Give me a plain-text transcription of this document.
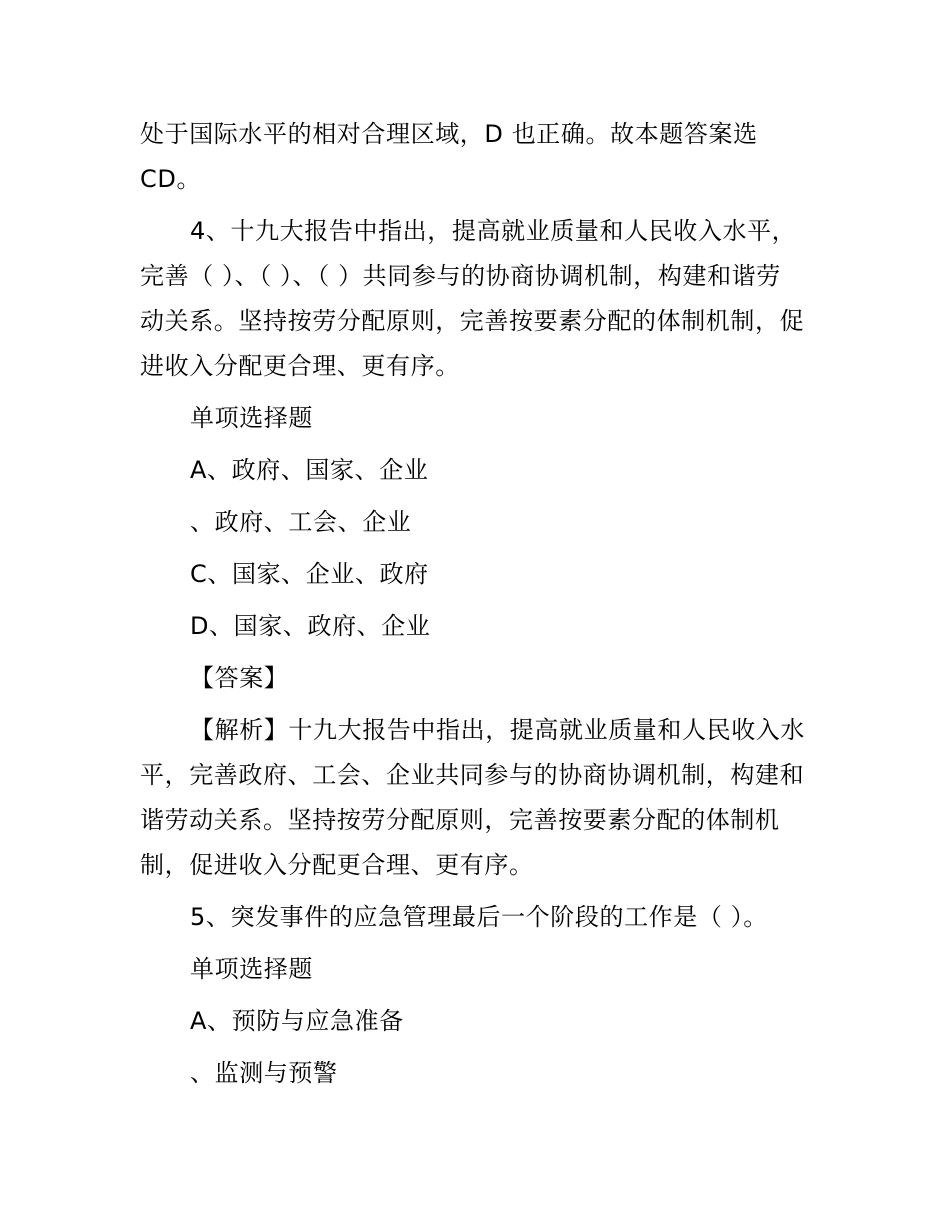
处于国际水平的相对合理区域，D 也正确。故本题答案选
CD。

4、十九大报告中指出，提高就业质量和人民收入水平，
完善（ ）、（ ）、（ ）共同参与的协商协调机制，构建和谐劳
动关系。坚持按劳分配原则，完善按要素分配的体制机制，促
进收入分配更合理、更有序。

单项选择题

A、政府、国家、企业

、政府、工会、企业

C、国家、企业、政府

D、国家、政府、企业

【答案】

【解析】十九大报告中指出，提高就业质量和人民收入水
平，完善政府、工会、企业共同参与的协商协调机制，构建和
谐劳动关系。坚持按劳分配原则，完善按要素分配的体制机
制，促进收入分配更合理、更有序。

5、突发事件的应急管理最后一个阶段的工作是（ ）。

单项选择题

A、预防与应急准备

、监测与预警
